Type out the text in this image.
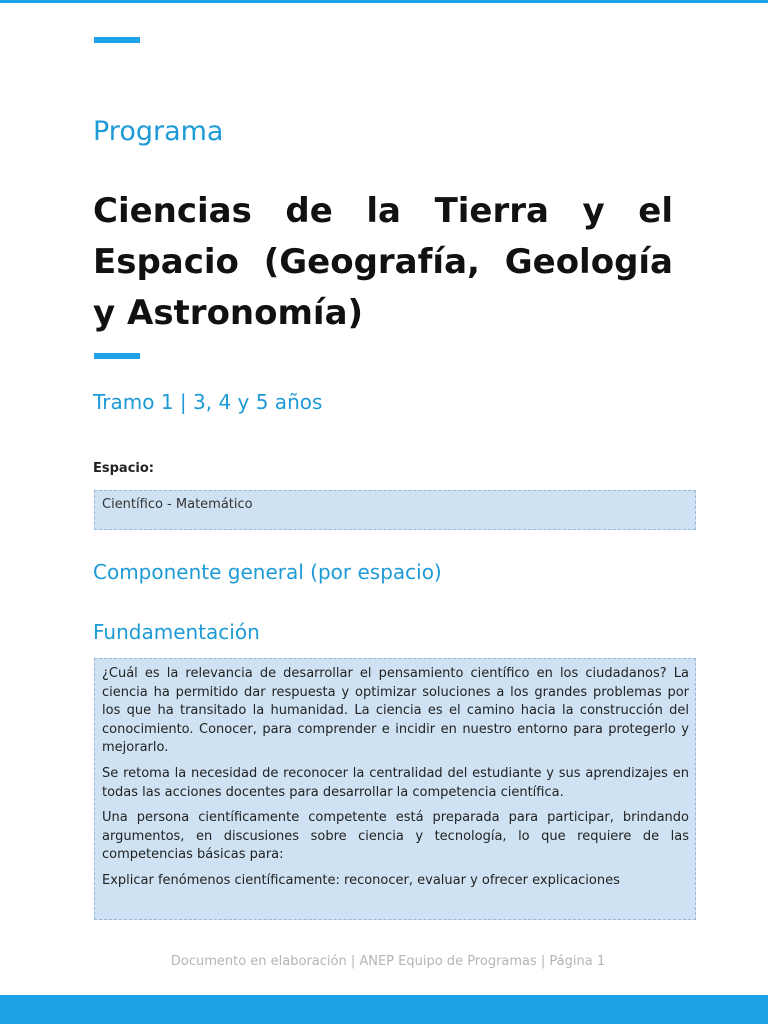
Programa
Ciencias de la Tierra y el Espacio (Geografía, Geología y Astronomía)
Tramo 1 | 3, 4 y 5 años
Espacio:
Científico - Matemático
Componente general (por espacio)
Fundamentación

¿Cuál es la relevancia de desarrollar el pensamiento científico en los ciudadanos? La ciencia ha permitido dar respuesta y optimizar soluciones a los grandes problemas por los que ha transitado la humanidad. La ciencia es el camino hacia la construcción del conocimiento. Conocer, para comprender e incidir en nuestro entorno para protegerlo y mejorarlo.

Se retoma la necesidad de reconocer la centralidad del estudiante y sus aprendizajes en todas las acciones docentes para desarrollar la competencia científica.

Una persona científicamente competente está preparada para participar, brindando argumentos, en discusiones sobre ciencia y tecnología, lo que requiere de las competencias básicas para:

Explicar fenómenos científicamente: reconocer, evaluar y ofrecer explicaciones

Documento en elaboración | ANEP Equipo de Programas | Página 1
